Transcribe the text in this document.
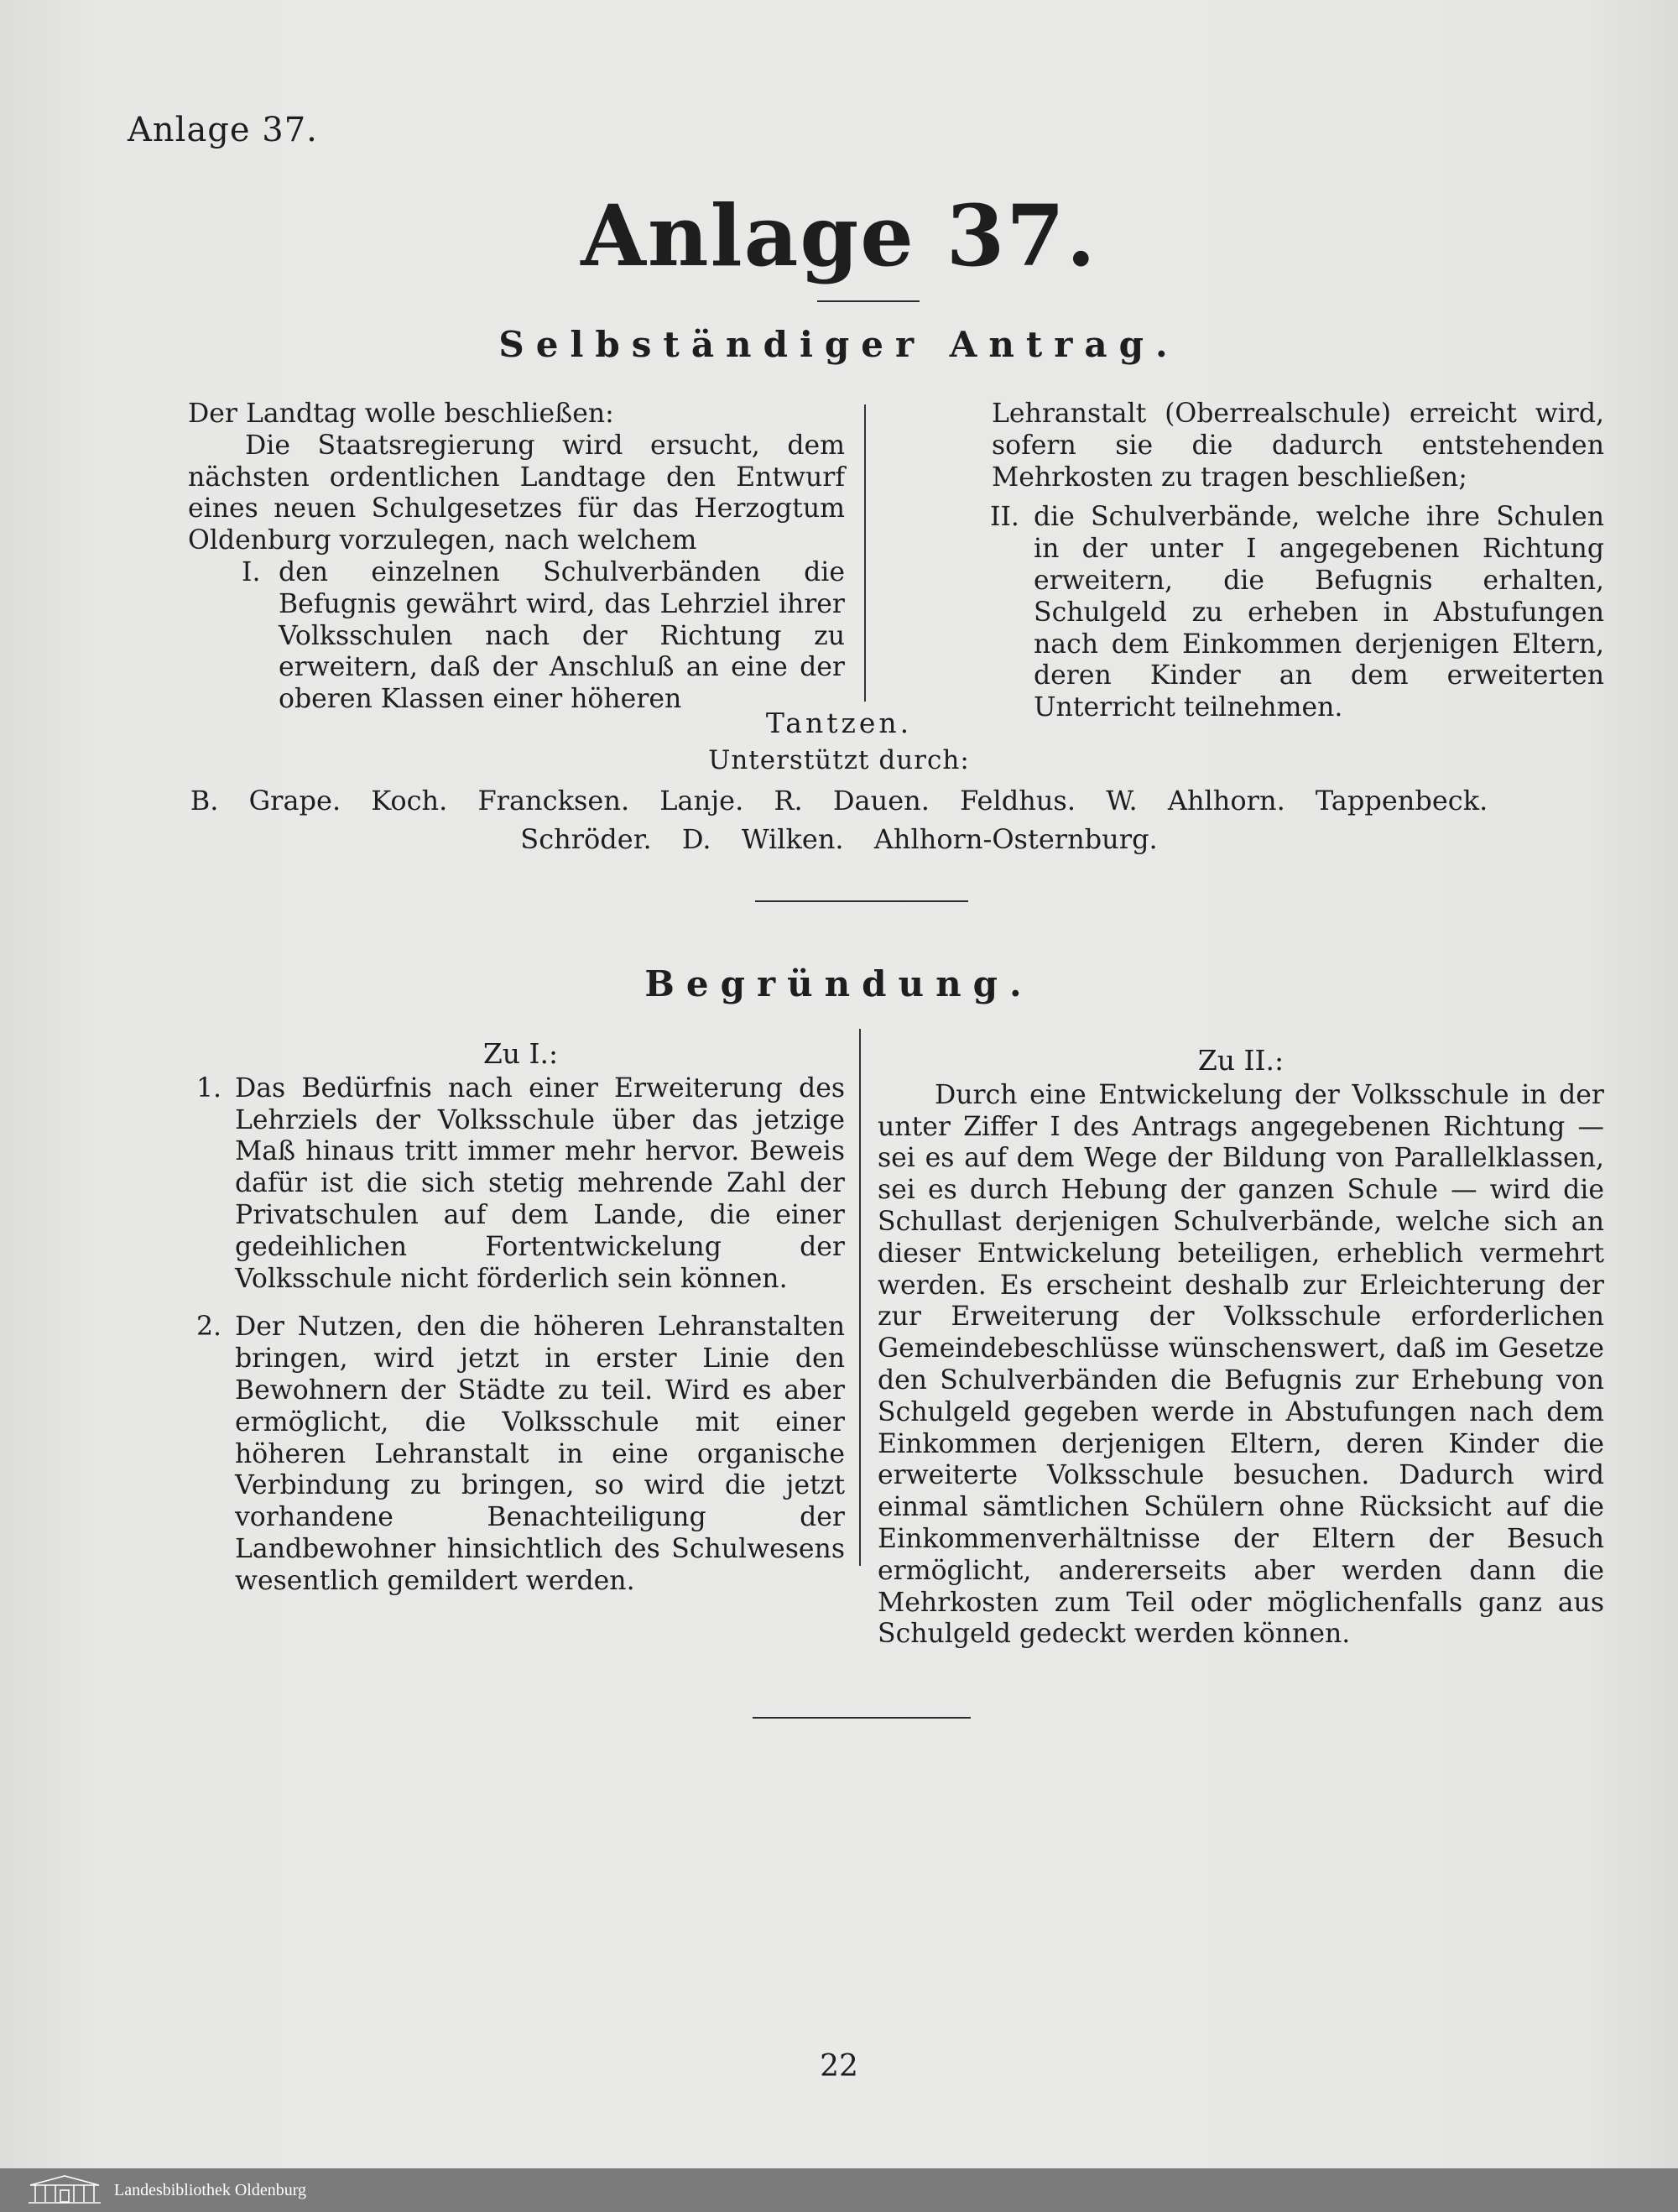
Anlage 37.
Anlage 37.
Selbständiger Antrag.

Der Landtag wolle beschließen:

Die Staatsregierung wird ersucht, dem nächsten ordentlichen Landtage den Entwurf eines neuen Schulgesetzes für das Herzogtum Oldenburg vorzulegen, nach welchem

I. den einzelnen Schulverbänden die Befugnis gewährt wird, das Lehrziel ihrer Volksschulen nach der Richtung zu erweitern, daß der Anschluß an eine der oberen Klassen einer höheren

Lehranstalt (Oberrealschule) erreicht wird, sofern sie die dadurch entstehenden Mehrkosten zu tragen beschließen;

II. die Schulverbände, welche ihre Schulen in der unter I angegebenen Richtung erweitern, die Befugnis erhalten, Schulgeld zu erheben in Abstufungen nach dem Einkommen derjenigen Eltern, deren Kinder an dem erweiterten Unterricht teilnehmen.
Tantzen.
Unterstützt durch:
B. Grape. Koch. Francksen. Lanje. R. Dauen. Feldhus. W. Ahlhorn. Tappenbeck.
Schröder. D. Wilken. Ahlhorn-Osternburg.
Begründung.
Zu I.:
1. Das Bedürfnis nach einer Erweiterung des Lehrziels der Volksschule über das jetzige Maß hinaus tritt immer mehr hervor. Beweis dafür ist die sich stetig mehrende Zahl der Privatschulen auf dem Lande, die einer gedeihlichen Fortentwickelung der Volksschule nicht förderlich sein können.
2. Der Nutzen, den die höheren Lehranstalten bringen, wird jetzt in erster Linie den Bewohnern der Städte zu teil. Wird es aber ermöglicht, die Volksschule mit einer höheren Lehranstalt in eine organische Verbindung zu bringen, so wird die jetzt vorhandene Benachteiligung der Landbewohner hinsichtlich des Schulwesens wesentlich gemildert werden.
Zu II.:

Durch eine Entwickelung der Volksschule in der unter Ziffer I des Antrags angegebenen Richtung — sei es auf dem Wege der Bildung von Parallelklassen, sei es durch Hebung der ganzen Schule — wird die Schullast derjenigen Schulverbände, welche sich an dieser Entwickelung beteiligen, erheblich vermehrt werden. Es erscheint deshalb zur Erleichterung der zur Erweiterung der Volksschule erforderlichen Gemeindebeschlüsse wünschenswert, daß im Gesetze den Schulverbänden die Befugnis zur Erhebung von Schulgeld gegeben werde in Abstufungen nach dem Einkommen derjenigen Eltern, deren Kinder die erweiterte Volksschule besuchen. Dadurch wird einmal sämtlichen Schülern ohne Rücksicht auf die Einkommenverhältnisse der Eltern der Besuch ermöglicht, andererseits aber werden dann die Mehrkosten zum Teil oder möglichenfalls ganz aus Schulgeld gedeckt werden können.

22
Landesbibliothek Oldenburg
